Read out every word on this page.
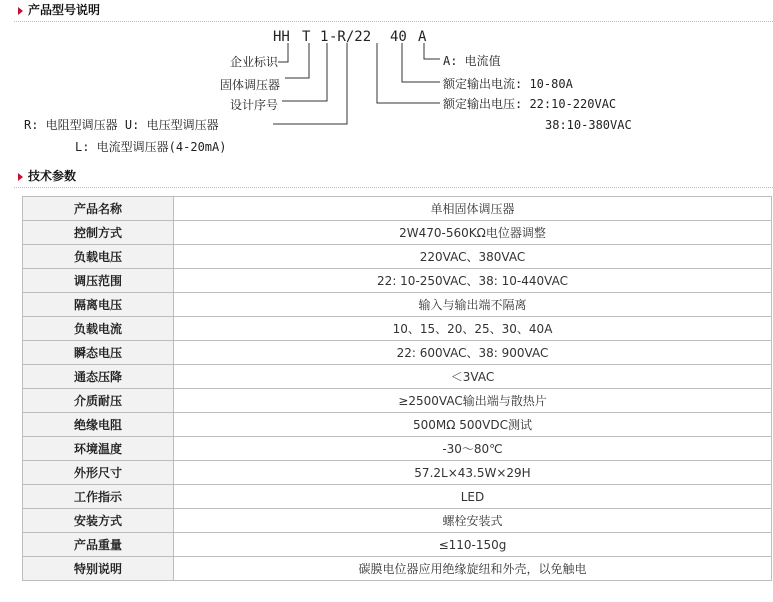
产品型号说明
HH T 1 -R/22 40 A
企业标识
固体调压器
设计序号
R: 电阻型调压器 U: 电压型调压器
L: 电流型调压器(4-20mA)
A: 电流值
额定输出电流: 10-80A
额定输出电压: 22:10-220VAC
38:10-380VAC
技术参数
产品名称	单相固体调压器
控制方式	2W470-560KΩ电位器调整
负载电压	220VAC、380VAC
调压范围	22: 10-250VAC、38: 10-440VAC
隔离电压	输入与输出端不隔离
负载电流	10、15、20、25、30、40A
瞬态电压	22: 600VAC、38: 900VAC
通态压降	＜3VAC
介质耐压	≥2500VAC输出端与散热片
绝缘电阻	500MΩ 500VDC测试
环境温度	-30～80℃
外形尺寸	57.2L×43.5W×29H
工作指示	LED
安装方式	螺栓安装式
产品重量	≤110-150g
特别说明	碳膜电位器应用绝缘旋纽和外壳，以免触电
